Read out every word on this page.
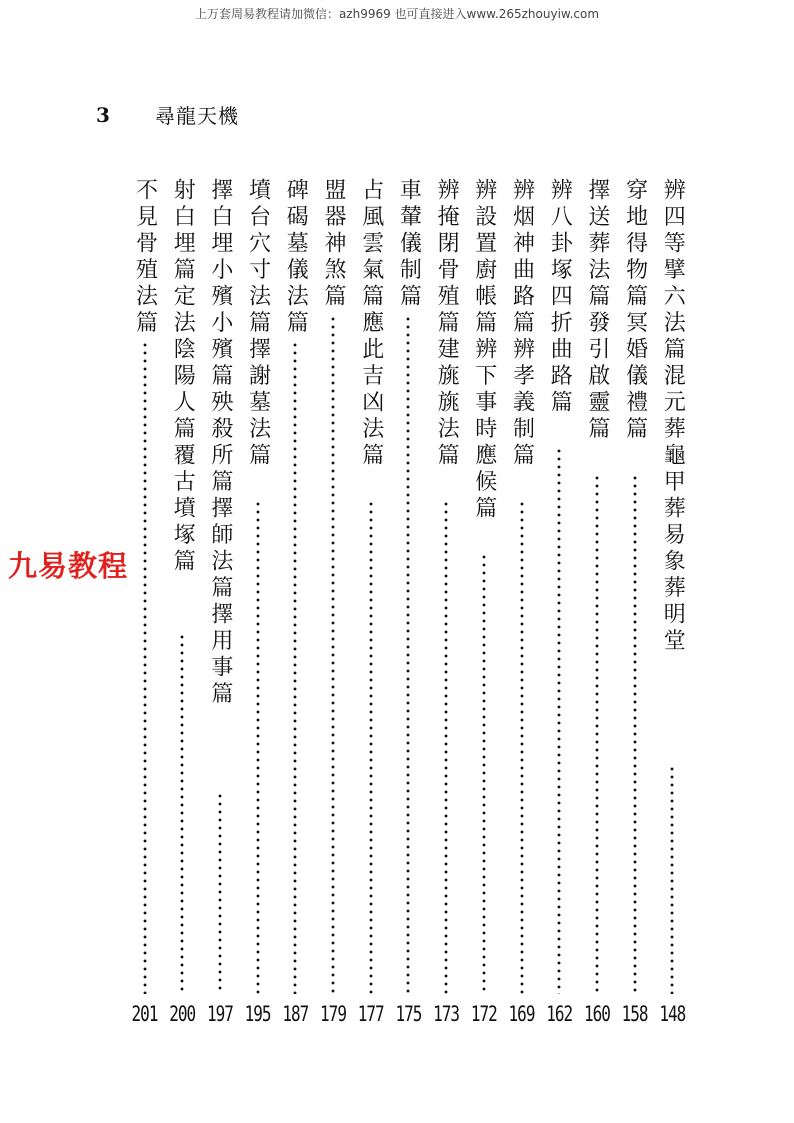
上万套周易教程请加微信：azh9969 也可直接进入www.265zhouyiw.com
3 尋龍天機
九易教程
辨四等擘六法篇混元葬龜甲葬易象葬明堂
148
穿地得物篇冥婚儀禮篇
158
擇送葬法篇發引啟靈篇
160
辨八卦塚四折曲路篇
162
辨烟神曲路篇辨孝義制篇
169
辨設置廚帳篇辨下事時應候篇
172
辨掩閉骨殖篇建旐旐法篇
173
車輦儀制篇
175
占風雲氣篇應此吉凶法篇
177
盟器神煞篇
179
碑碣墓儀法篇
187
墳台穴寸法篇擇謝墓法篇
195
擇白埋小殯小殯篇殃殺所篇擇師法篇擇用事篇
197
射白埋篇定法陰陽人篇覆古墳塚篇
200
不見骨殖法篇
201
